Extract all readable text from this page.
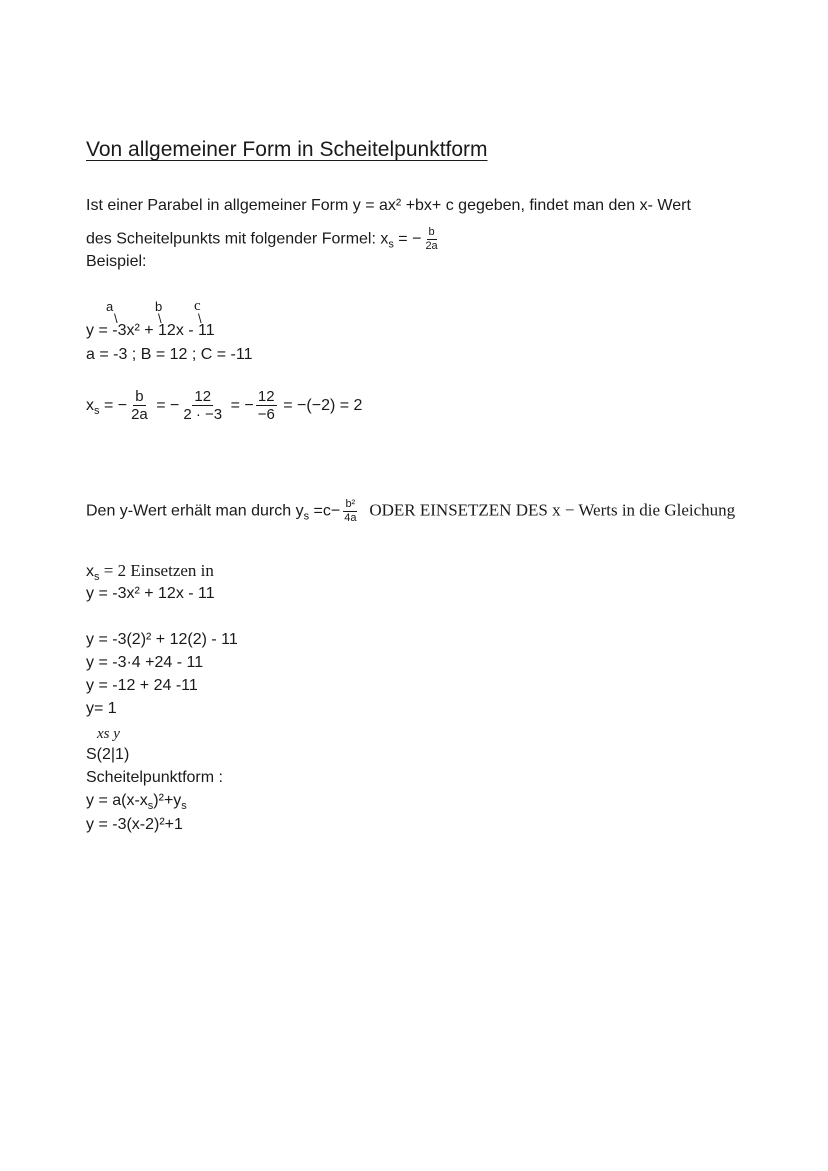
Von allgemeiner Form in Scheitelpunktform
Ist einer Parabel in allgemeiner Form y = ax² +bx+ c gegeben, findet man den x- Wert
des Scheitelpunkts mit folgender Formel: $x_s$ = − $\frac{b}{2a}$
Beispiel:
a	b c
\	\	\
y = -3x² + 12x - 11
a = -3 ; B = 12 ; C = -11
$x_s$ = − $\frac{b}{2a}$ = − $\frac{12}{2 \cdot -3}$ = − $\frac{12}{-6} = -(-2) = 2$
Den y-Wert erhält man durch $y_s =c- \frac{\text{b²}}{4a}$ ODER EINSETZEN DES x − Werts in die Gleichung
$x_s = 2$ Einsetzen in
y = -3x² + 12x - 11
y = -3(2)² + 12(2) - 11
y = -3·4 +24 - 11
y = -12 + 24 -11
y= 1
xs y
S(2|1)
Scheitelpunktform :
$y = a(x-x_s)^2+y_s$
y = -3(x-2)²+1
